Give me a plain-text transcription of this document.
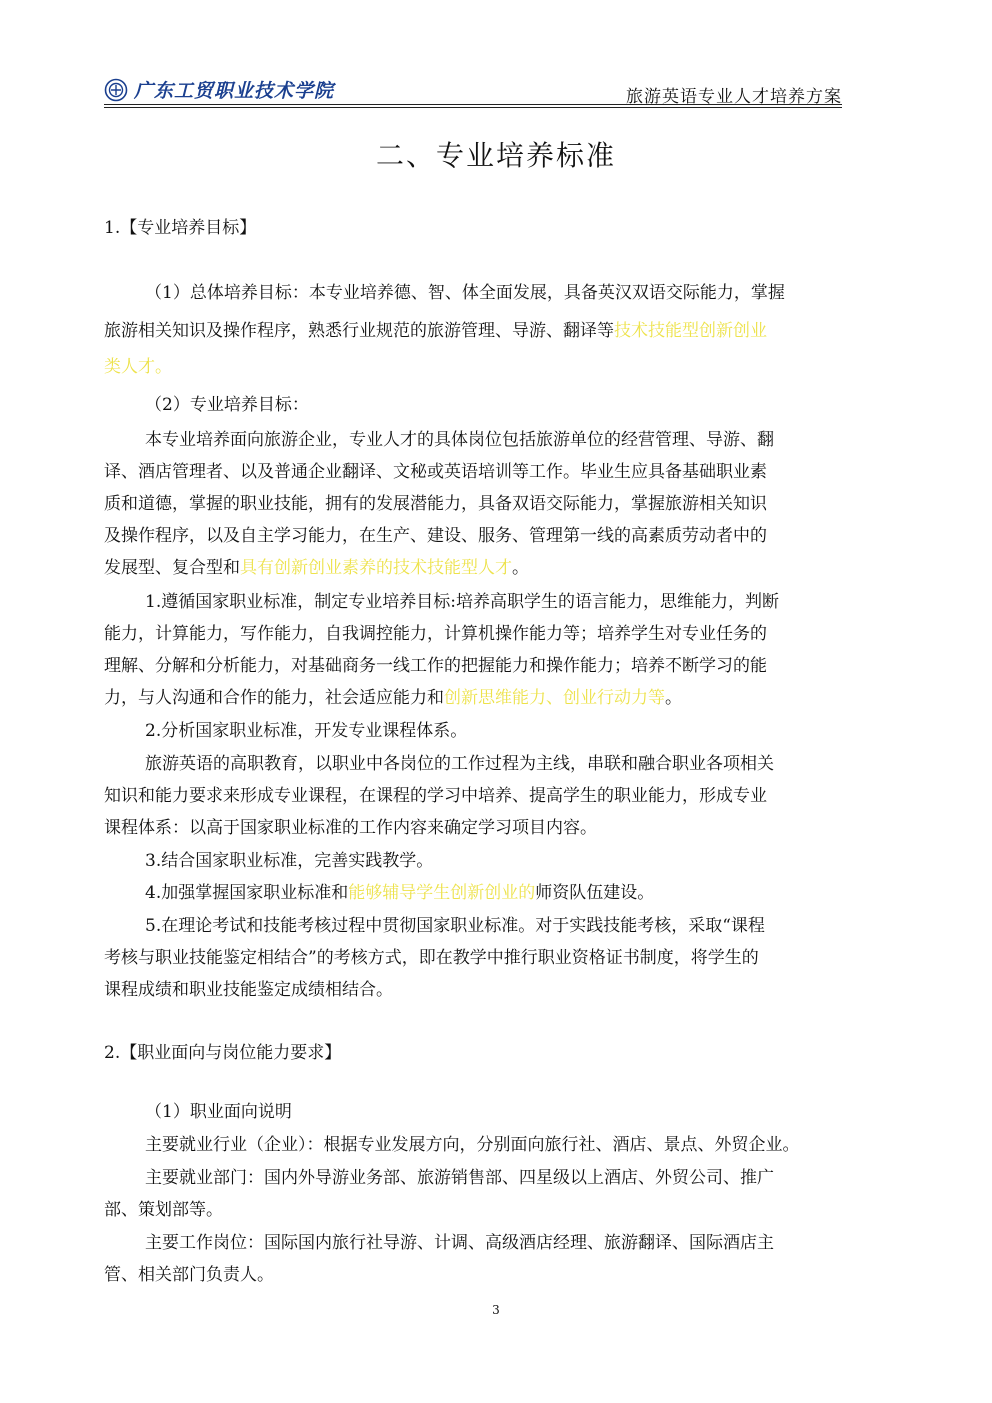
广东工贸职业技术学院	旅游英语专业人才培养方案
二、专业培养标准
1.【专业培养目标】
（1）总体培养目标：本专业培养德、智、体全面发展，具备英汉双语交际能力，掌握
旅游相关知识及操作程序，熟悉行业规范的旅游管理、导游、翻译等技术技能型创新创业
类人才。
（2）专业培养目标：
本专业培养面向旅游企业，专业人才的具体岗位包括旅游单位的经营管理、导游、翻
译、酒店管理者、以及普通企业翻译、文秘或英语培训等工作。毕业生应具备基础职业素
质和道德，掌握的职业技能，拥有的发展潜能力，具备双语交际能力，掌握旅游相关知识
及操作程序，以及自主学习能力，在生产、建设、服务、管理第一线的高素质劳动者中的
发展型、复合型和具有创新创业素养的技术技能型人才。
1.遵循国家职业标准，制定专业培养目标:培养高职学生的语言能力，思维能力，判断
能力，计算能力，写作能力，自我调控能力，计算机操作能力等；培养学生对专业任务的
理解、分解和分析能力，对基础商务一线工作的把握能力和操作能力；培养不断学习的能
力，与人沟通和合作的能力，社会适应能力和创新思维能力、创业行动力等。
2.分析国家职业标准，开发专业课程体系。
旅游英语的高职教育，以职业中各岗位的工作过程为主线，串联和融合职业各项相关
知识和能力要求来形成专业课程，在课程的学习中培养、提高学生的职业能力，形成专业
课程体系：以高于国家职业标准的工作内容来确定学习项目内容。
3.结合国家职业标准，完善实践教学。
4.加强掌握国家职业标准和能够辅导学生创新创业的师资队伍建设。
5.在理论考试和技能考核过程中贯彻国家职业标准。对于实践技能考核，采取“课程
考核与职业技能鉴定相结合”的考核方式，即在教学中推行职业资格证书制度，将学生的
课程成绩和职业技能鉴定成绩相结合。
2.【职业面向与岗位能力要求】
（1）职业面向说明
主要就业行业（企业）：根据专业发展方向，分别面向旅行社、酒店、景点、外贸企业。
主要就业部门：国内外导游业务部、旅游销售部、四星级以上酒店、外贸公司、推广
部、策划部等。
主要工作岗位：国际国内旅行社导游、计调、高级酒店经理、旅游翻译、国际酒店主
管、相关部门负责人。
3
